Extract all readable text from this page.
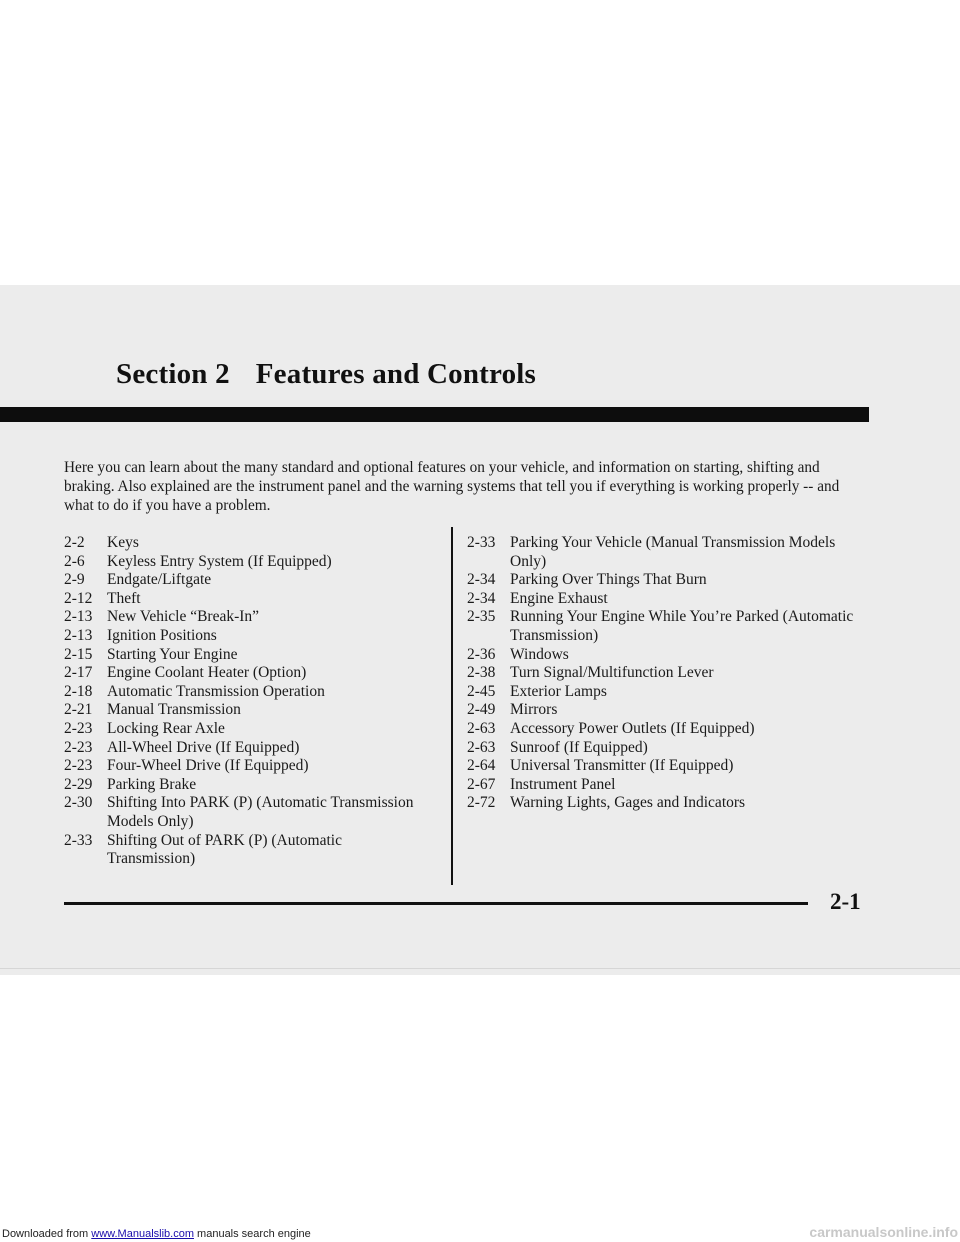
Section 2 Features and Controls

Here you can learn about the many standard and optional features on your vehicle, and information on starting, shifting and braking. Also explained are the instrument panel and the warning systems that tell you if everything is working properly -- and what to do if you have a problem.

2-2	Keys
2-6	Keyless Entry System (If Equipped)
2-9	Endgate/Liftgate
2-12 Theft
2-13 New Vehicle “Break-In”
2-13 Ignition Positions
2-15 Starting Your Engine
2-17 Engine Coolant Heater (Option)
2-18 Automatic Transmission Operation
2-21 Manual Transmission
2-23 Locking Rear Axle
2-23 All-Wheel Drive (If Equipped)
2-23 Four-Wheel Drive (If Equipped)
2-29 Parking Brake
2-30 Shifting Into PARK (P) (Automatic Transmission Models Only)
2-33 Shifting Out of PARK (P) (Automatic Transmission)
2-33 Parking Your Vehicle (Manual Transmission Models Only)
2-34 Parking Over Things That Burn
2-34 Engine Exhaust
2-35 Running Your Engine While You’re Parked (Automatic Transmission)
2-36 Windows
2-38 Turn Signal/Multifunction Lever
2-45 Exterior Lamps
2-49 Mirrors
2-63 Accessory Power Outlets (If Equipped)
2-63 Sunroof (If Equipped)
2-64 Universal Transmitter (If Equipped)
2-67 Instrument Panel
2-72 Warning Lights, Gages and Indicators
2-1
Downloaded from www.Manualslib.com manuals search engine	carmanualsonline.info
